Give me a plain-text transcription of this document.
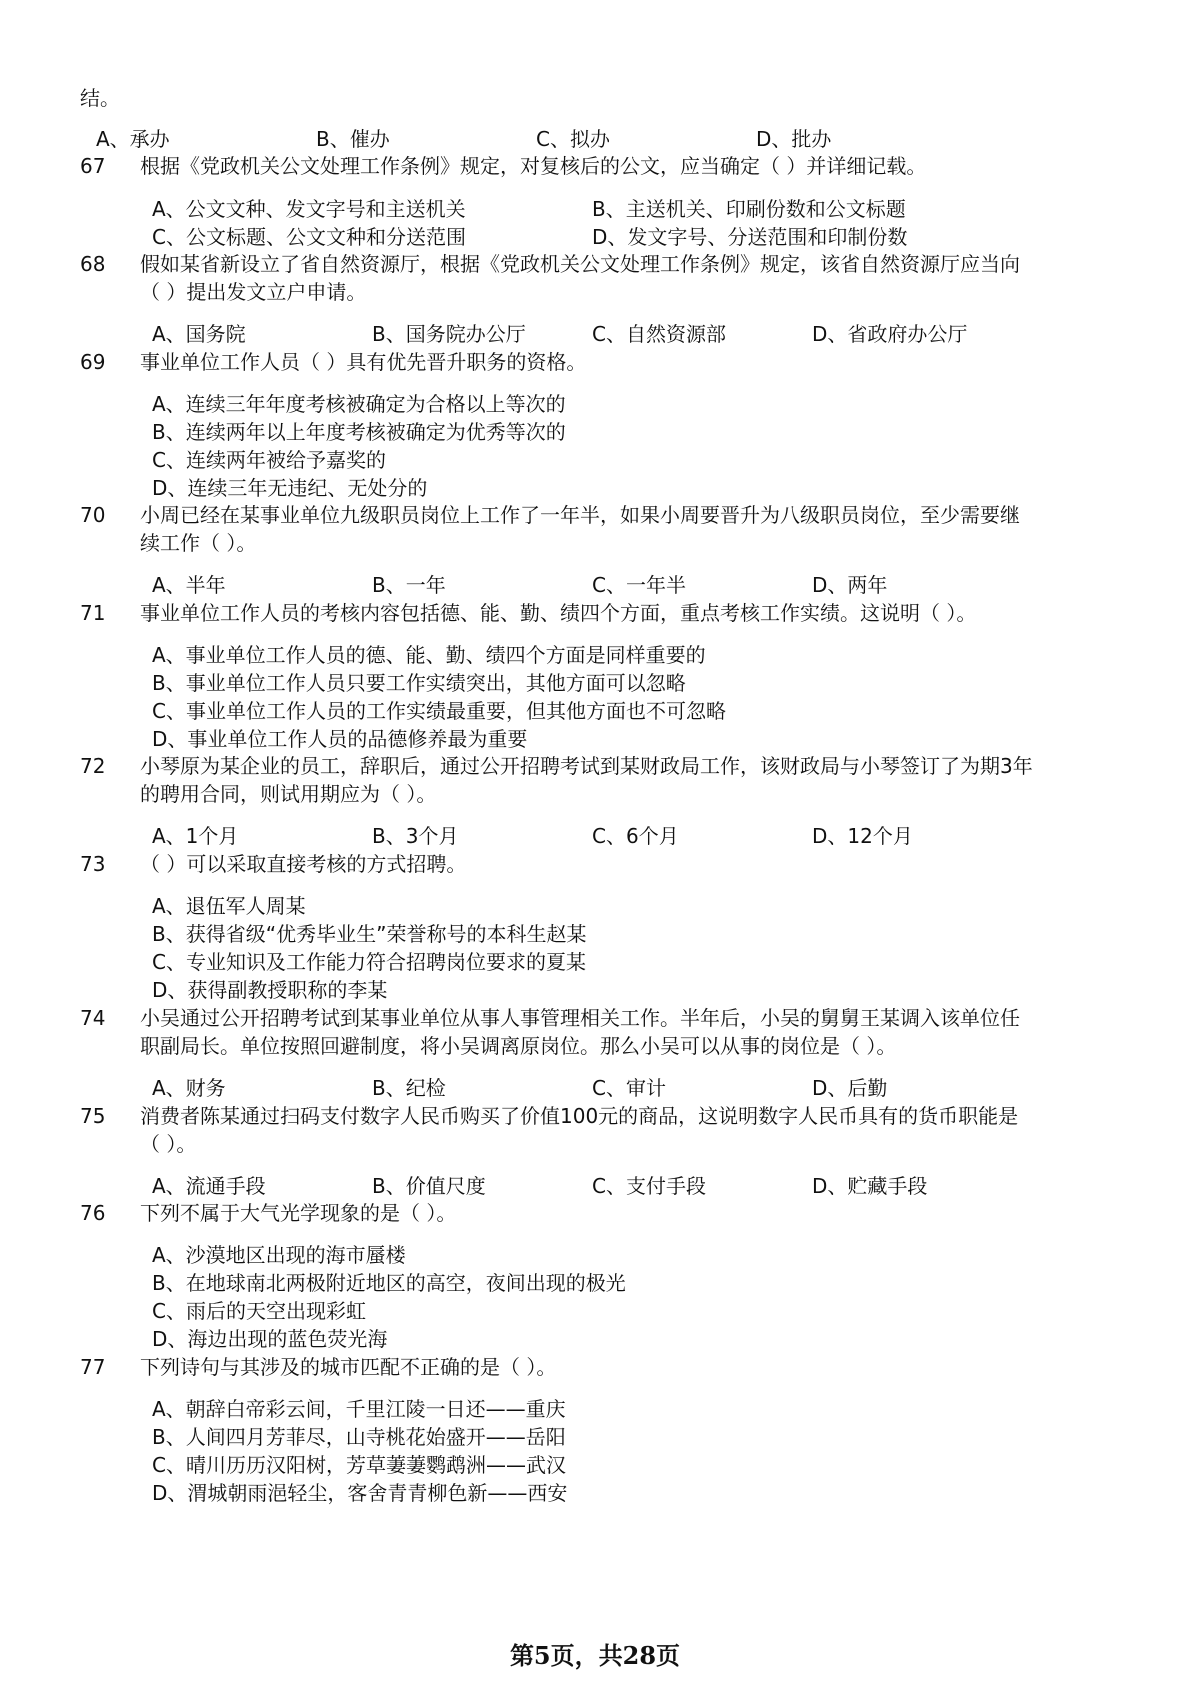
结。
A、承办	B、催办	C、拟办	D、批办
67 根据《党政机关公文处理工作条例》规定，对复核后的公文，应当确定（ ）并详细记载。
A、公文文种、发文字号和主送机关	B、主送机关、印刷份数和公文标题
C、公文标题、公文文种和分送范围	D、发文字号、分送范围和印制份数
68 假如某省新设立了省自然资源厅，根据《党政机关公文处理工作条例》规定，该省自然资源厅应当向
（ ）提出发文立户申请。
A、国务院	B、国务院办公厅	C、自然资源部	D、省政府办公厅
69 事业单位工作人员（ ）具有优先晋升职务的资格。
A、连续三年年度考核被确定为合格以上等次的
B、连续两年以上年度考核被确定为优秀等次的
C、连续两年被给予嘉奖的
D、连续三年无违纪、无处分的
70 小周已经在某事业单位九级职员岗位上工作了一年半，如果小周要晋升为八级职员岗位，至少需要继
续工作（ ）。
A、半年	B、一年	C、一年半	D、两年
71 事业单位工作人员的考核内容包括德、能、勤、绩四个方面，重点考核工作实绩。这说明（ ）。
A、事业单位工作人员的德、能、勤、绩四个方面是同样重要的
B、事业单位工作人员只要工作实绩突出，其他方面可以忽略
C、事业单位工作人员的工作实绩最重要，但其他方面也不可忽略
D、事业单位工作人员的品德修养最为重要
72 小琴原为某企业的员工，辞职后，通过公开招聘考试到某财政局工作，该财政局与小琴签订了为期3年
的聘用合同，则试用期应为（ ）。
A、1个月	B、3个月	C、6个月	D、12个月
73 （ ）可以采取直接考核的方式招聘。
A、退伍军人周某
B、获得省级“优秀毕业生”荣誉称号的本科生赵某
C、专业知识及工作能力符合招聘岗位要求的夏某
D、获得副教授职称的李某
74 小吴通过公开招聘考试到某事业单位从事人事管理相关工作。半年后，小吴的舅舅王某调入该单位任
职副局长。单位按照回避制度，将小吴调离原岗位。那么小吴可以从事的岗位是（ ）。
A、财务	B、纪检	C、审计	D、后勤
75 消费者陈某通过扫码支付数字人民币购买了价值100元的商品，这说明数字人民币具有的货币职能是
（ ）。
A、流通手段	B、价值尺度	C、支付手段	D、贮藏手段
76 下列不属于大气光学现象的是（ ）。
A、沙漠地区出现的海市蜃楼
B、在地球南北两极附近地区的高空，夜间出现的极光
C、雨后的天空出现彩虹
D、海边出现的蓝色荧光海
77 下列诗句与其涉及的城市匹配不正确的是（ ）。
A、朝辞白帝彩云间，千里江陵一日还——重庆
B、人间四月芳菲尽，山寺桃花始盛开——岳阳
C、晴川历历汉阳树，芳草萋萋鹦鹉洲——武汉
D、渭城朝雨浥轻尘，客舍青青柳色新——西安
第5页，共28页
